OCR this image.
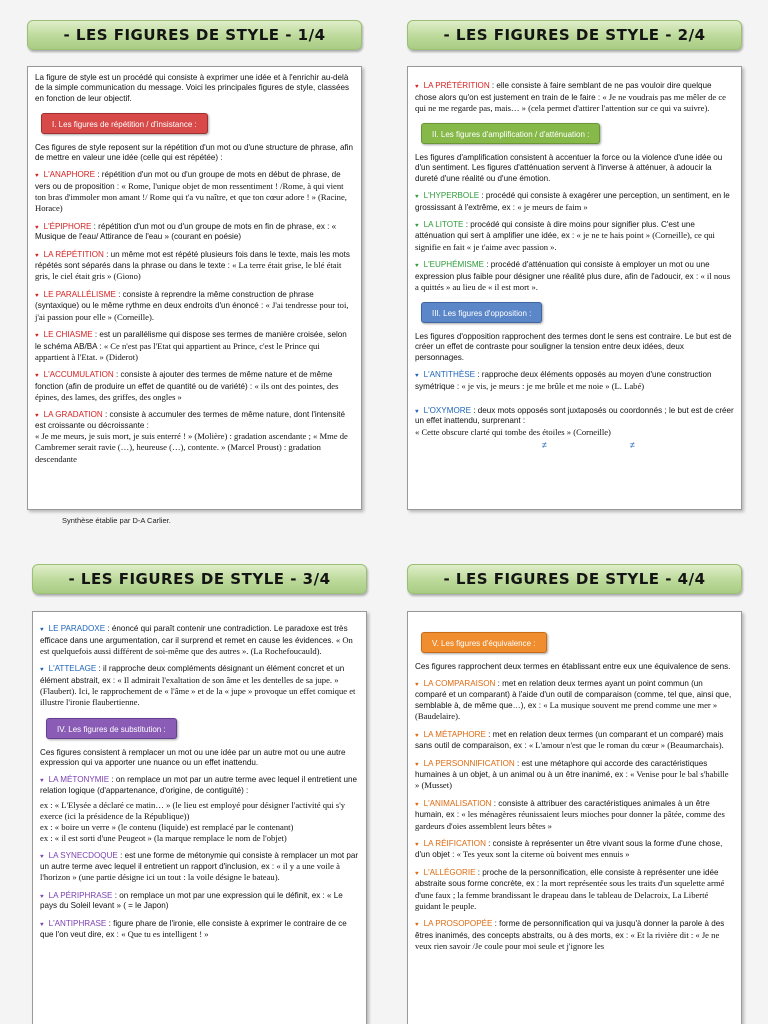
- LES FIGURES DE STYLE - 1/4

La figure de style est un procédé qui consiste à exprimer une idée et à l'enrichir au-delà de la simple communication du message. Voici les principales figures de style, classées en fonction de leur objectif.

I. Les figures de répétition / d'insistance :

Ces figures de style reposent sur la répétition d'un mot ou d'une structure de phrase, afin de mettre en valeur une idée (celle qui est répétée) :

♥ L'ANAPHORE : répétition d'un mot ou d'un groupe de mots en début de phrase, de vers ou de proposition : « Rome, l'unique objet de mon ressentiment ! /Rome, à qui vient ton bras d'immoler mon amant !/ Rome qui t'a vu naître, et que ton cœur adore ! » (Racine, Horace)

♥ L'ÉPIPHORE : répétition d'un mot ou d'un groupe de mots en fin de phrase, ex : « Musique de l'eau/ Attirance de l'eau » (courant en poésie)

♥ LA RÉPÉTITION : un même mot est répété plusieurs fois dans le texte, mais les mots répétés sont séparés dans la phrase ou dans le texte : « La terre était grise, le blé était gris, le ciel était gris » (Giono)

♥ LE PARALLÉLISME : consiste à reprendre la même construction de phrase (syntaxique) ou le même rythme en deux endroits d'un énoncé : « J'ai tendresse pour toi, j'ai passion pour elle » (Corneille).

♥ LE CHIASME : est un parallélisme qui dispose ses termes de manière croisée, selon le schéma AB/BA : « Ce n'est pas l'Etat qui appartient au Prince, c'est le Prince qui appartient à l'Etat. » (Diderot)

♥ L'ACCUMULATION : consiste à ajouter des termes de même nature et de même fonction (afin de produire un effet de quantité ou de variété) : « ils ont des pointes, des épines, des lames, des griffes, des ongles »

♥ LA GRADATION : consiste à accumuler des termes de même nature, dont l'intensité est croissante ou décroissante :
« Je me meurs, je suis mort, je suis enterré ! » (Molière) : gradation ascendante ; « Mme de Cambremer serait ravie (…), heureuse (…), contente. » (Marcel Proust) : gradation descendante

Synthèse établie par D-A Carlier.
- LES FIGURES DE STYLE - 2/4

♥ LA PRÉTÉRITION : elle consiste à faire semblant de ne pas vouloir dire quelque chose alors qu'on est justement en train de le faire : « Je ne voudrais pas me mêler de ce qui ne me regarde pas, mais… » (cela permet d'attirer l'attention sur ce qui va suivre).

II. Les figures d'amplification / d'atténuation :

Les figures d'amplification consistent à accentuer la force ou la violence d'une idée ou d'un sentiment. Les figures d'atténuation servent à l'inverse à atténuer, à adoucir la dureté d'une réalité ou d'une émotion.

♥ L'HYPERBOLE : procédé qui consiste à exagérer une perception, un sentiment, en le grossissant à l'extrême, ex : « je meurs de faim »

♥ LA LITOTE : procédé qui consiste à dire moins pour signifier plus. C'est une atténuation qui sert à amplifier une idée, ex : « je ne te hais point » (Corneille), ce qui signifie en fait « je t'aime avec passion ».

♥ L'EUPHÉMISME : procédé d'atténuation qui consiste à employer un mot ou une expression plus faible pour désigner une réalité plus dure, afin de l'adoucir, ex : « il nous a quittés » au lieu de « il est mort ».

III. Les figures d'opposition :

Les figures d'opposition rapprochent des termes dont le sens est contraire. Le but est de créer un effet de contraste pour souligner la tension entre deux idées, deux personnages.

♥ L'ANTITHÈSE : rapproche deux éléments opposés au moyen d'une construction symétrique : « je vis, je meurs : je me brûle et me noie » (L. Labé)

≠	≠

♥ L'OXYMORE : deux mots opposés sont juxtaposés ou coordonnés ; le but est de créer un effet inattendu, surprenant :
« Cette obscure clarté qui tombe des étoiles » (Corneille)

- LES FIGURES DE STYLE - 3/4

♥ LE PARADOXE : énoncé qui paraît contenir une contradiction. Le paradoxe est très efficace dans une argumentation, car il surprend et remet en cause les évidences. « On est quelquefois aussi différent de soi-même que des autres ». (La Rochefoucauld).

♥ L'ATTELAGE : il rapproche deux compléments désignant un élément concret et un élément abstrait, ex : « Il admirait l'exaltation de son âme et les dentelles de sa jupe. » (Flaubert). Ici, le rapprochement de « l'âme » et de la « jupe » provoque un effet comique et illustre l'ironie flaubertienne.

IV. Les figures de substitution :

Ces figures consistent à remplacer un mot ou une idée par un autre mot ou une autre expression qui va apporter une nuance ou un effet inattendu.

♥ LA MÉTONYMIE : on remplace un mot par un autre terme avec lequel il entretient une relation logique (d'appartenance, d'origine, de contiguïté) :

ex : « L'Elysée a déclaré ce matin… » (le lieu est employé pour désigner l'activité qui s'y exerce (ici la présidence de la République))
ex : « boire un verre » (le contenu (liquide) est remplacé par le contenant)
ex : « il est sorti d'une Peugeot » (la marque remplace le nom de l'objet)

♥ LA SYNECDOQUE : est une forme de métonymie qui consiste à remplacer un mot par un autre terme avec lequel il entretient un rapport d'inclusion, ex : « il y a une voile à l'horizon » (une partie désigne ici un tout : la voile désigne le bateau).

♥ LA PÉRIPHRASE : on remplace un mot par une expression qui le définit, ex : « Le pays du Soleil levant » ( = le Japon)

♥ L'ANTIPHRASE : figure phare de l'ironie, elle consiste à exprimer le contraire de ce que l'on veut dire, ex : « Que tu es intelligent ! »

- LES FIGURES DE STYLE - 4/4
V. Les figures d'équivalence :

Ces figures rapprochent deux termes en établissant entre eux une équivalence de sens.

♥ LA COMPARAISON : met en relation deux termes ayant un point commun (un comparé et un comparant) à l'aide d'un outil de comparaison (comme, tel que, ainsi que, semblable à, de même que…), ex : « La musique souvent me prend comme une mer » (Baudelaire).

♥ LA MÉTAPHORE : met en relation deux termes (un comparant et un comparé) mais sans outil de comparaison, ex : « L'amour n'est que le roman du cœur » (Beaumarchais).

♥ LA PERSONNIFICATION : est une métaphore qui accorde des caractéristiques humaines à un objet, à un animal ou à un être inanimé, ex : « Venise pour le bal s'habille » (Musset)

♥ L'ANIMALISATION : consiste à attribuer des caractéristiques animales à un être humain, ex : « les ménagères réunissaient leurs mioches pour donner la pâtée, comme des gardeurs d'oies assemblent leurs bêtes »

♥ LA RÉIFICATION : consiste à représenter un être vivant sous la forme d'une chose, d'un objet : « Tes yeux sont la citerne où boivent mes ennuis »

♥ L'ALLÉGORIE : proche de la personnification, elle consiste à représenter une idée abstraite sous forme concrète, ex : la mort représentée sous les traits d'un squelette armé d'une faux ; la femme brandissant le drapeau dans le tableau de Delacroix, La Liberté guidant le peuple.

♥ LA PROSOPOPÉE : forme de personnification qui va jusqu'à donner la parole à des êtres inanimés, des concepts abstraits, ou à des morts, ex : « Et la rivière dit : « Je ne veux rien savoir /Je coule pour moi seule et j'ignore les
